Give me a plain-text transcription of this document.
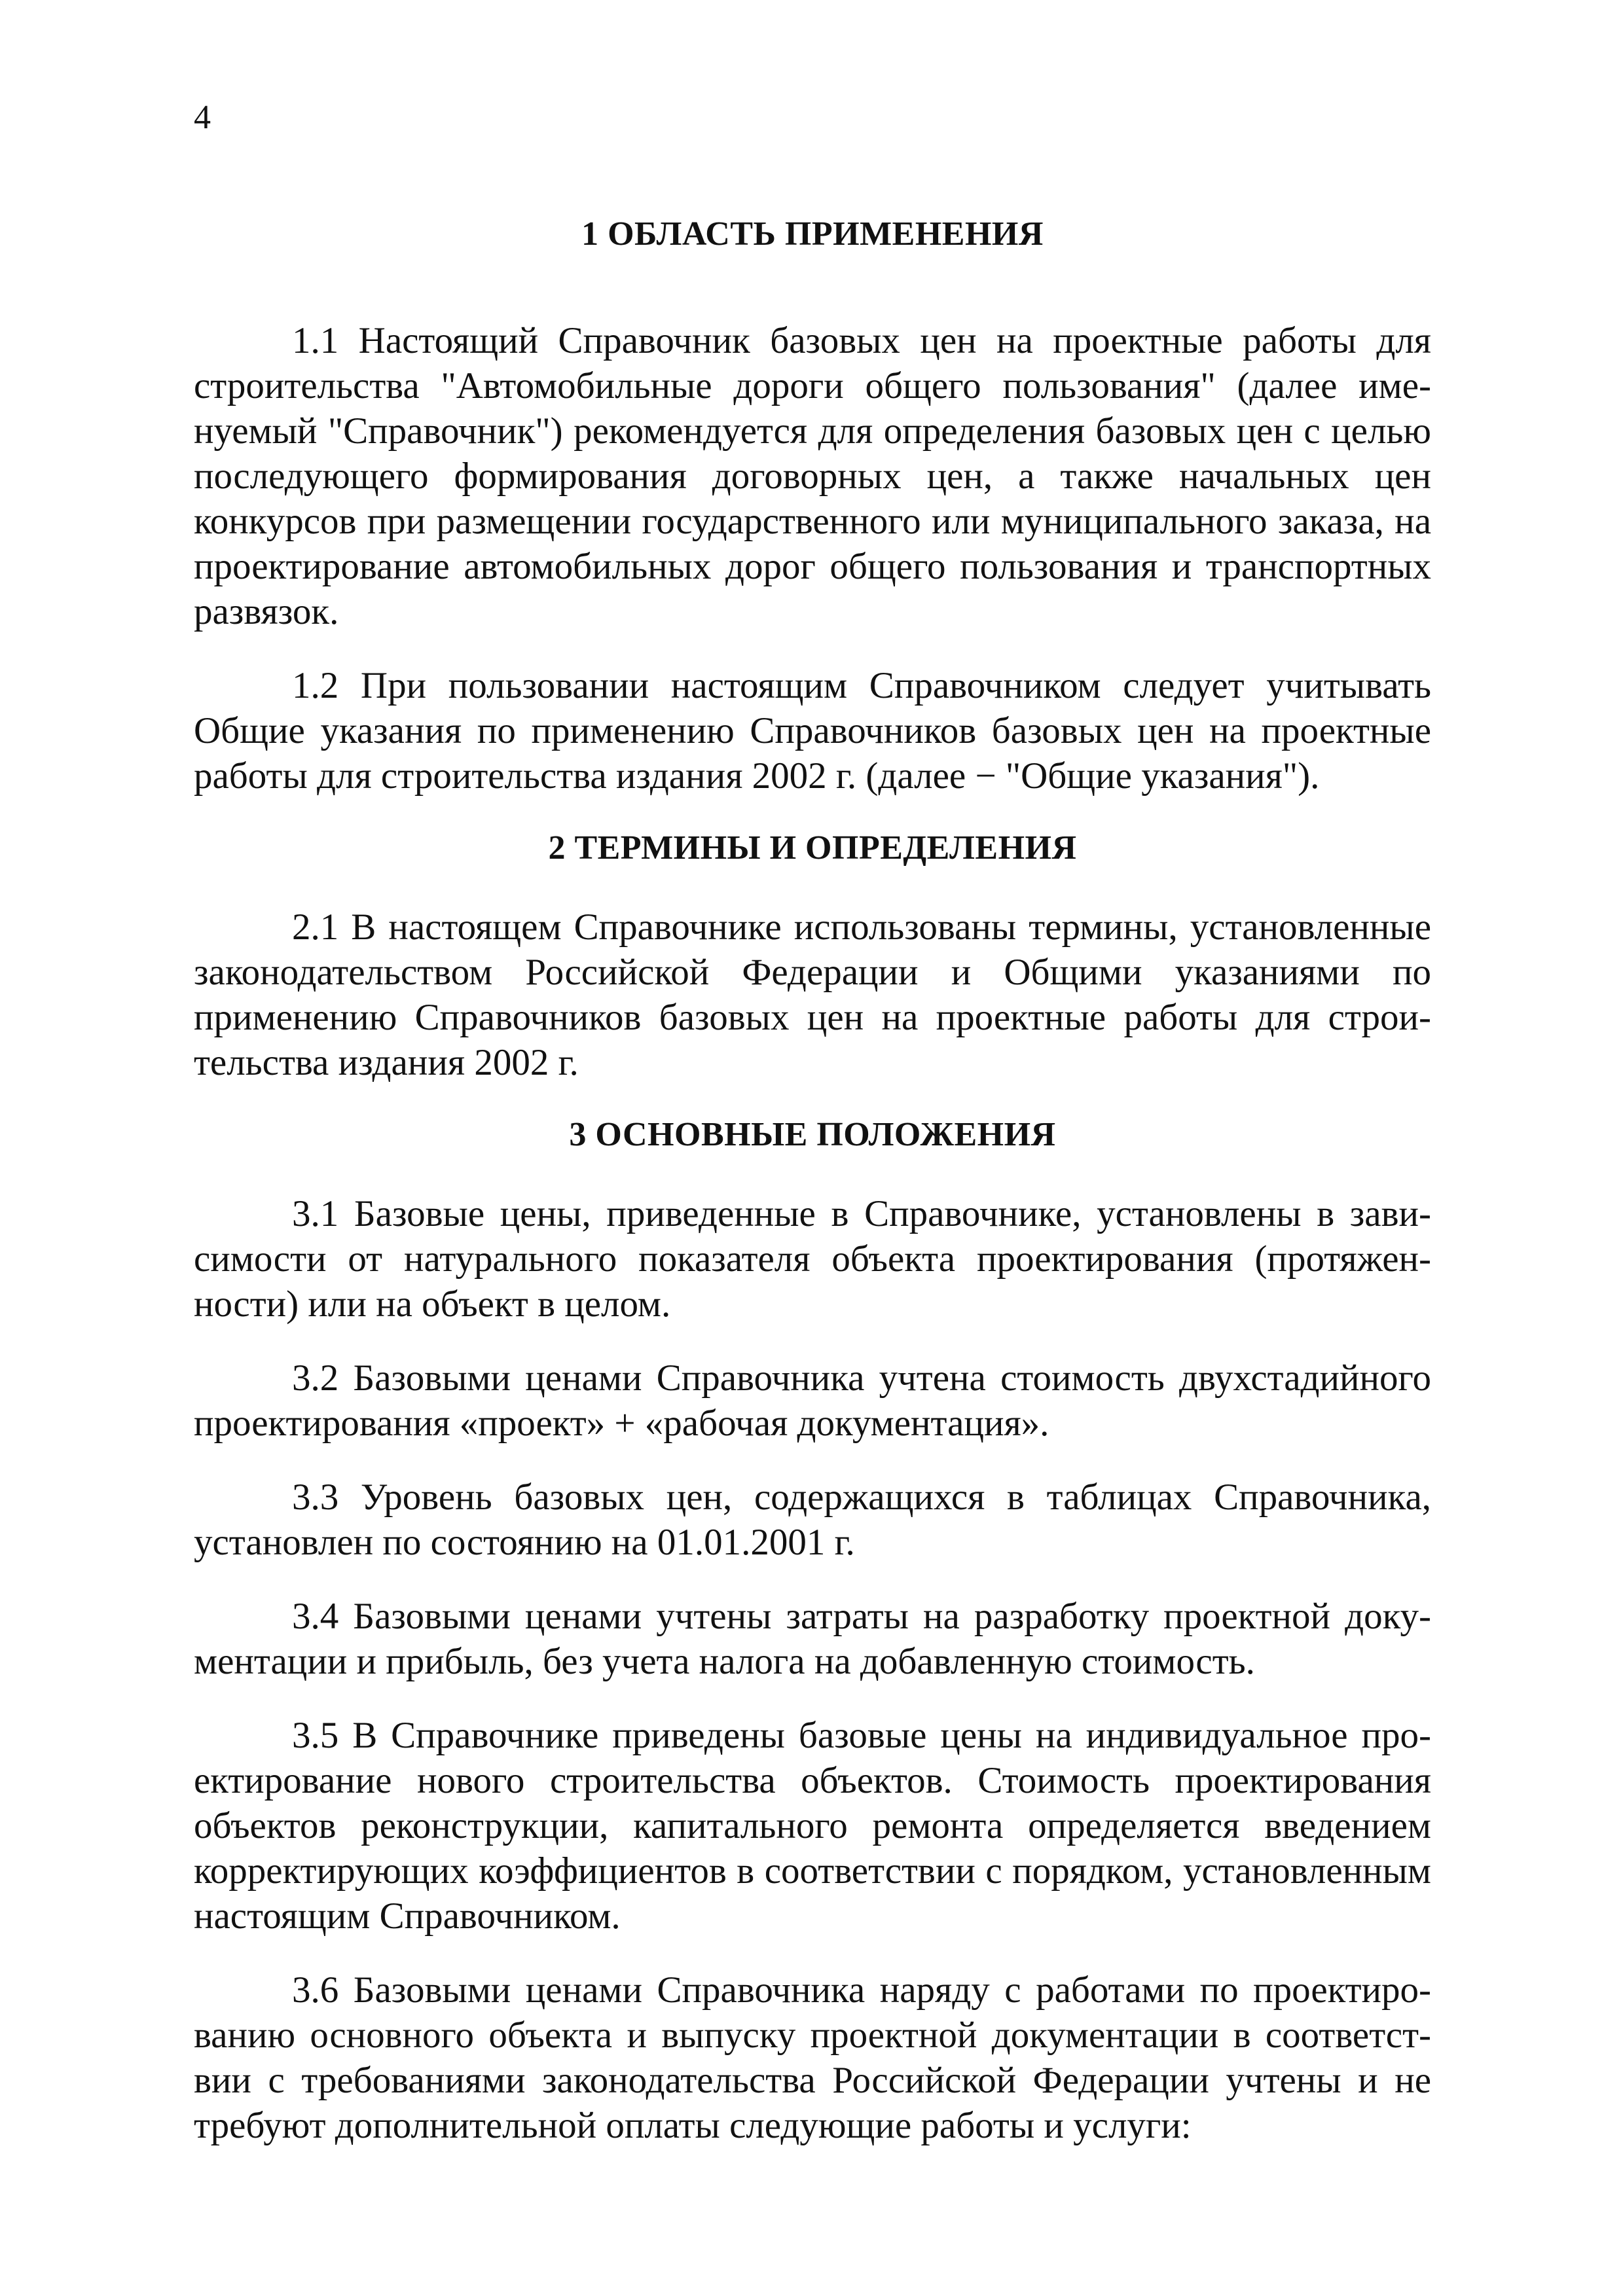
4
1 ОБЛАСТЬ ПРИМЕНЕНИЯ

1.1 Настоящий Справочник базовых цен на проектные работы для строительства "Автомобильные дороги общего пользования" (далее именуемый "Справочник") рекомендуется для определения базовых цен с целью последующего формирования договорных цен, а также начальных цен конкурсов при размещении государственного или муниципального заказа, на проектирование автомобильных дорог общего пользования и транспортных развязок.

1.2 При пользовании настоящим Справочником следует учитывать Общие указания по применению Справочников базовых цен на проектные работы для строительства издания 2002 г. (далее − "Общие указания").

2 ТЕРМИНЫ И ОПРЕДЕЛЕНИЯ

2.1 В настоящем Справочнике использованы термины, установленные законодательством Российской Федерации и Общими указаниями по применению Справочников базовых цен на проектные работы для строительства издания 2002 г.

3 ОСНОВНЫЕ ПОЛОЖЕНИЯ

3.1 Базовые цены, приведенные в Справочнике, установлены в зависимости от натурального показателя объекта проектирования (протяженности) или на объект в целом.

3.2 Базовыми ценами Справочника учтена стоимость двухстадийного проектирования «проект» + «рабочая документация».

3.3 Уровень базовых цен, содержащихся в таблицах Справочника, установлен по состоянию на 01.01.2001 г.

3.4 Базовыми ценами учтены затраты на разработку проектной документации и прибыль, без учета налога на добавленную стоимость.

3.5 В Справочнике приведены базовые цены на индивидуальное проектирование нового строительства объектов. Стоимость проектирования объектов реконструкции, капитального ремонта определяется введением корректирующих коэффициентов в соответствии с порядком, установленным настоящим Справочником.

3.6 Базовыми ценами Справочника наряду с работами по проектированию основного объекта и выпуску проектной документации в соответствии с требованиями законодательства Российской Федерации учтены и не требуют дополнительной оплаты следующие работы и услуги:
